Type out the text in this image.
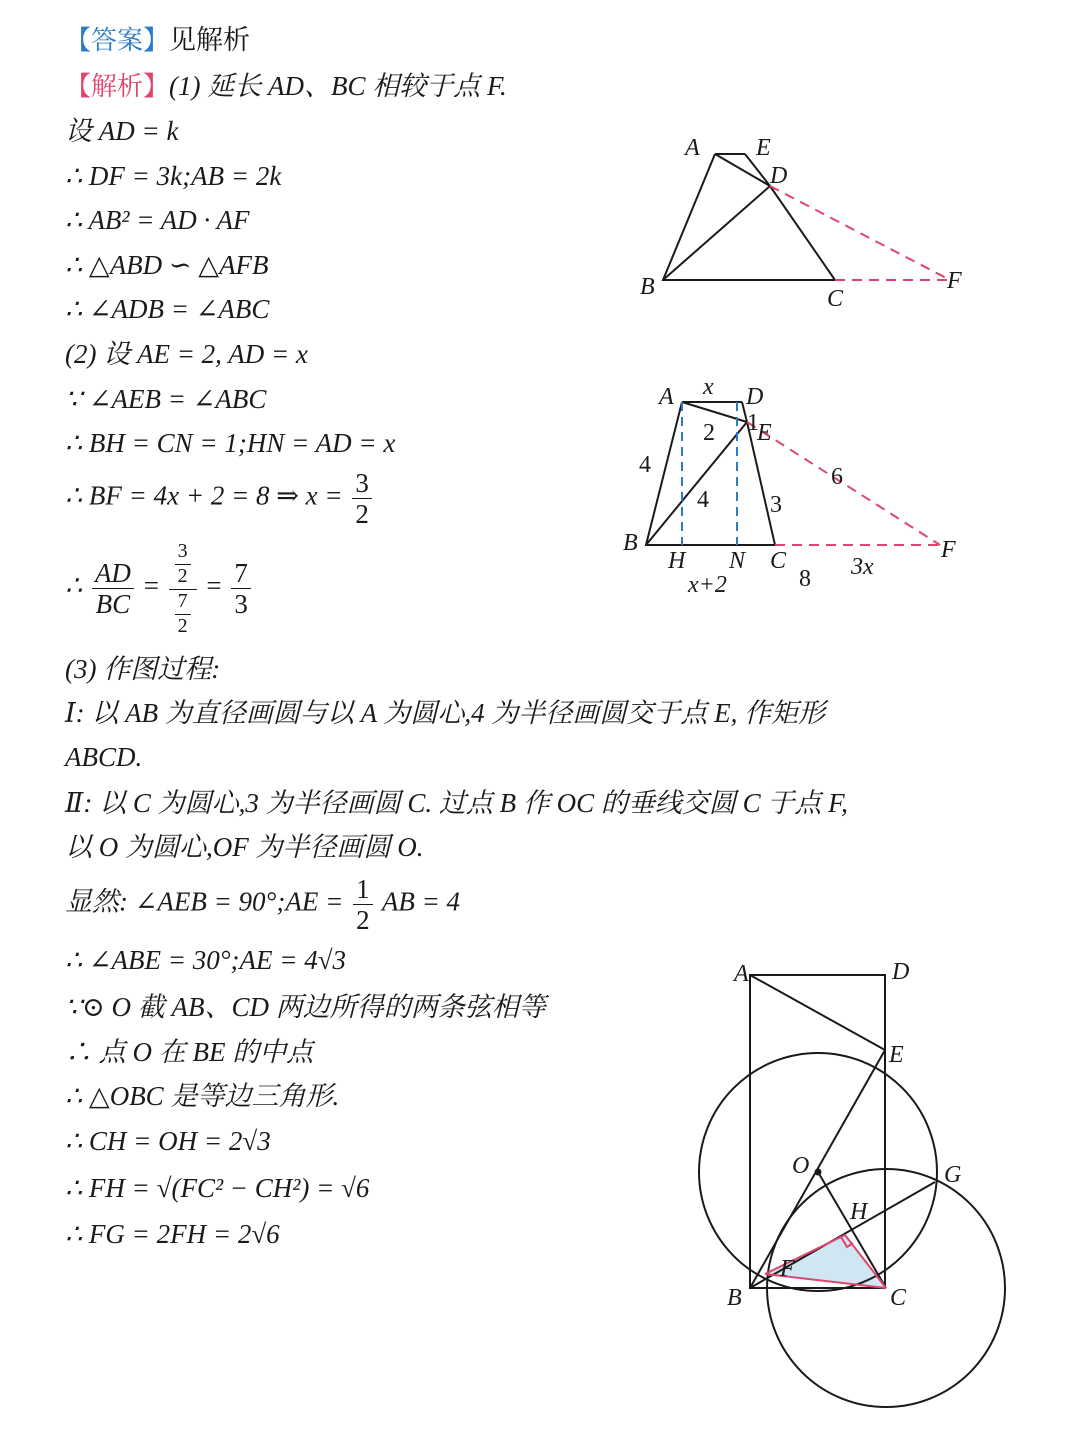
【答案】见解析
【解析】(1) 延长 AD、BC 相较于点 F.
设 AD = k
∴ DF = 3k;AB = 2k
∴ AB² = AD · AF
∴ △ABD ∽ △AFB
∴ ∠ADB = ∠ABC
(2) 设 AE = 2, AD = x
∵ ∠AEB = ∠ABC
∴ BH = CN = 1;HN = AD = x
∴ BF = 4x + 2 = 8 ⇒ $x = \frac{3}{2}$
∴ $\frac{AD}{BC} = \frac{\frac{3}{2}}{\frac{7}{2}} = \frac{7}{3}$
(3) 作图过程:
Ⅰ: 以 AB 为直径画圆与以 A 为圆心,4 为半径画圆交于点 E, 作矩形
ABCD.
Ⅱ: 以 C 为圆心,3 为半径画圆 C. 过点 B 作 OC 的垂线交圆 C 于点 F,
以 O 为圆心,OF 为半径画圆 O.
显然: ∠AEB = 90°;AE = $\frac{1}{2}$ AB = 4
∴ ∠ABE = 30°;AE = 4√3
∵⊙ O 截 AB、CD 两边所得的两条弦相等
∴ 点 O 在 BE 的中点
∴ △OBC 是等边三角形.
∴ CH = OH = 2√3
∴ FH = √(FC² − CH²) = √6
∴ FG = 2FH = 2√6
A E
D
B	C
F
A x D
2 1
E
4
4	3
6
B
H N C	F
x+2	8 3x
A	D
E
O	G
H
F
B	C
